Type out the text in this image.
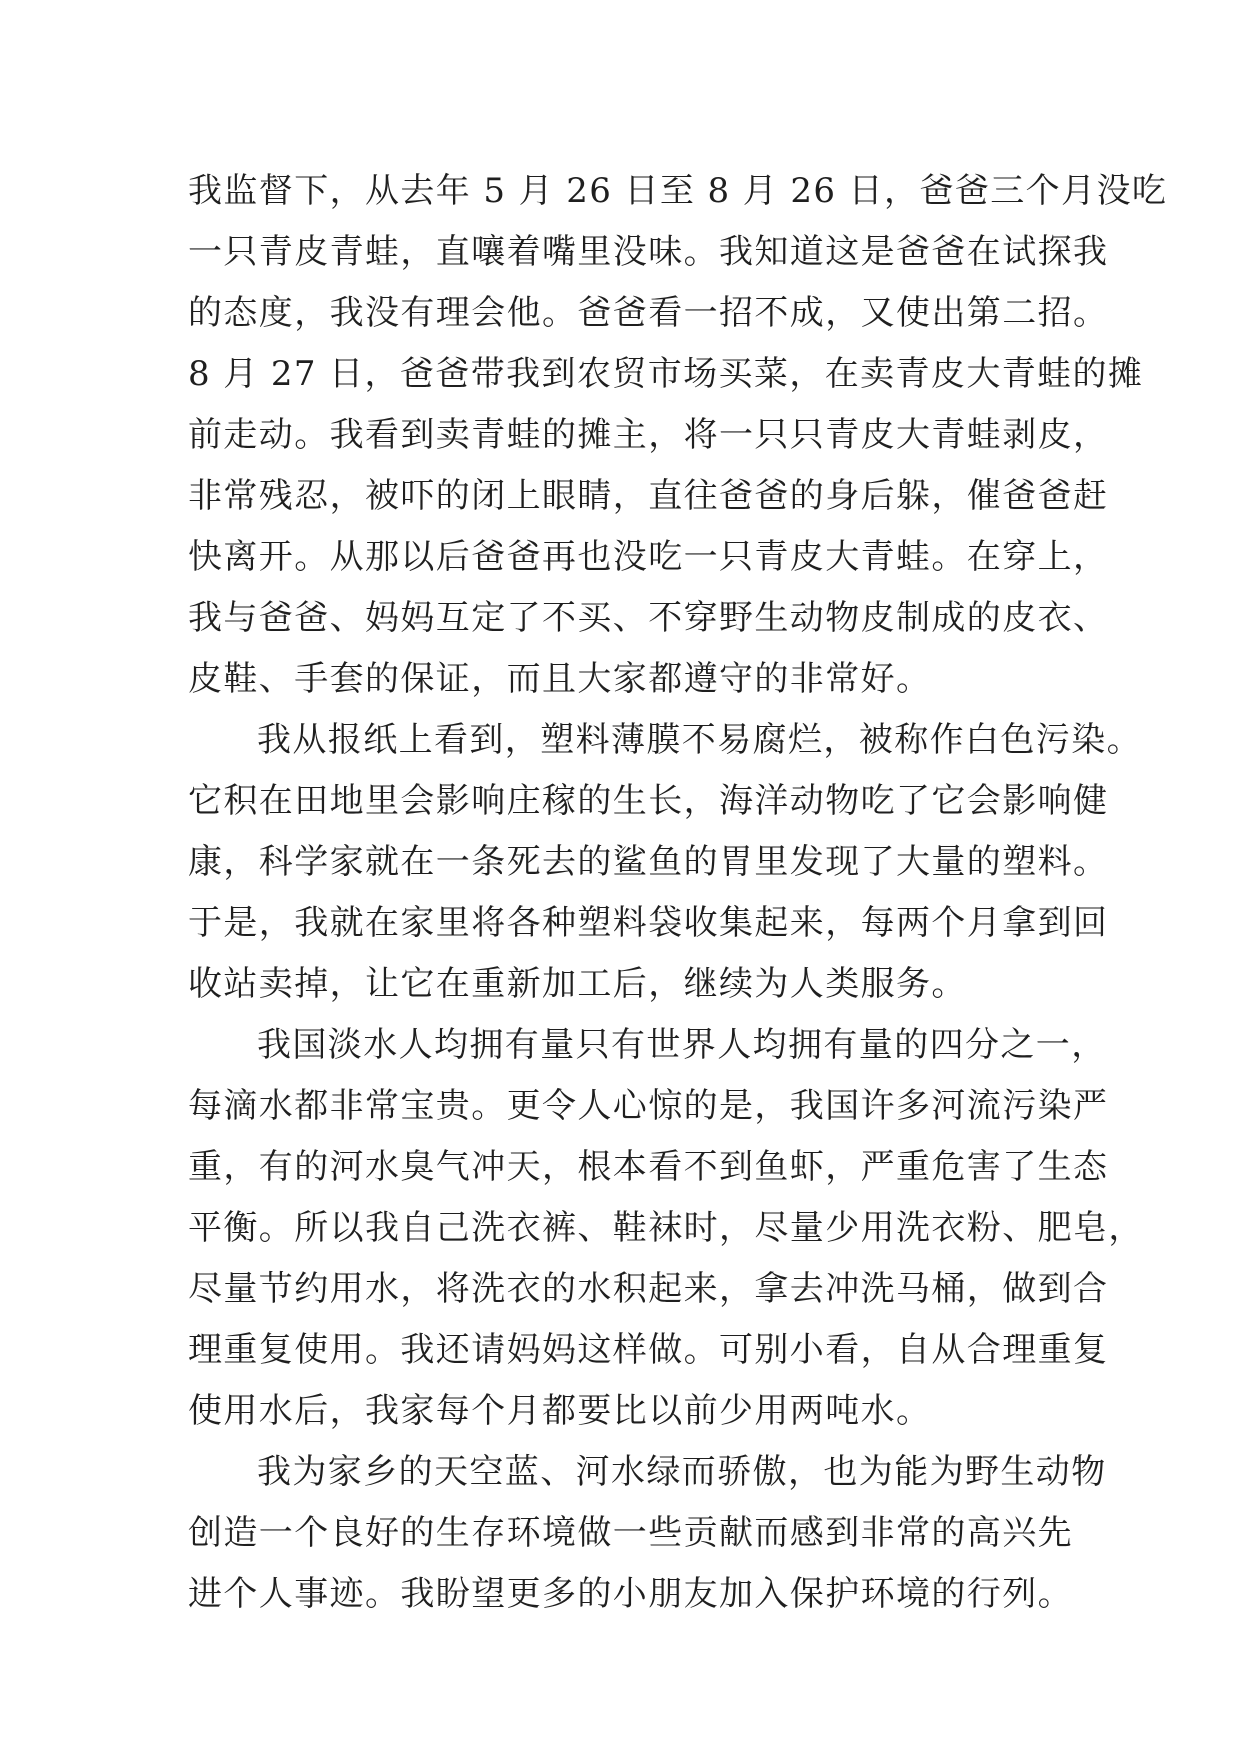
我监督下，从去年 5 月 26 日至 8 月 26 日，爸爸三个月没吃
一只青皮青蛙，直嚷着嘴里没味。我知道这是爸爸在试探我
的态度，我没有理会他。爸爸看一招不成，又使出第二招。
8 月 27 日，爸爸带我到农贸市场买菜，在卖青皮大青蛙的摊
前走动。我看到卖青蛙的摊主，将一只只青皮大青蛙剥皮，
非常残忍，被吓的闭上眼睛，直往爸爸的身后躲，催爸爸赶
快离开。从那以后爸爸再也没吃一只青皮大青蛙。在穿上，
我与爸爸、妈妈互定了不买、不穿野生动物皮制成的皮衣、
皮鞋、手套的保证，而且大家都遵守的非常好。
我从报纸上看到，塑料薄膜不易腐烂，被称作白色污染。
它积在田地里会影响庄稼的生长，海洋动物吃了它会影响健
康，科学家就在一条死去的鲨鱼的胃里发现了大量的塑料。
于是，我就在家里将各种塑料袋收集起来，每两个月拿到回
收站卖掉，让它在重新加工后，继续为人类服务。
我国淡水人均拥有量只有世界人均拥有量的四分之一，
每滴水都非常宝贵。更令人心惊的是，我国许多河流污染严
重，有的河水臭气冲天，根本看不到鱼虾，严重危害了生态
平衡。所以我自己洗衣裤、鞋袜时，尽量少用洗衣粉、肥皂，
尽量节约用水，将洗衣的水积起来，拿去冲洗马桶，做到合
理重复使用。我还请妈妈这样做。可别小看，自从合理重复
使用水后，我家每个月都要比以前少用两吨水。
我为家乡的天空蓝、河水绿而骄傲，也为能为野生动物
创造一个良好的生存环境做一些贡献而感到非常的高兴先
进个人事迹。我盼望更多的小朋友加入保护环境的行列。
